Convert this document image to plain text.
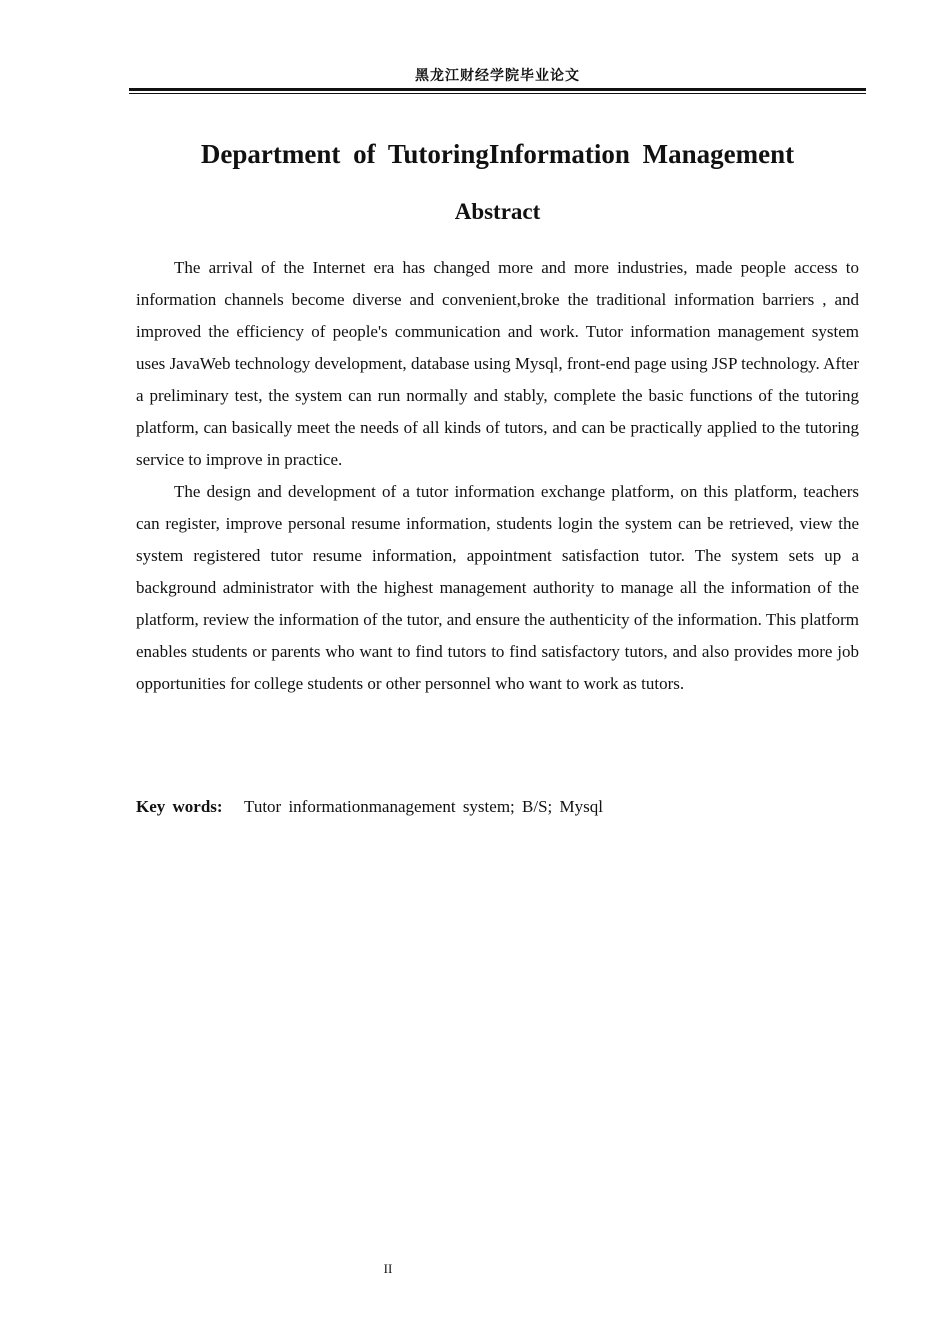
黑龙江财经学院毕业论文
Department of TutoringInformation Management
Abstract

The arrival of the Internet era has changed more and more industries, made people access to information channels become diverse and convenient,broke the traditional information barriers , and improved the efficiency of people's communication and work. Tutor information management system uses JavaWeb technology development, database using Mysql, front-end page using JSP technology. After a preliminary test, the system can run normally and stably, complete the basic functions of the tutoring platform, can basically meet the needs of all kinds of tutors, and can be practically applied to the tutoring service to improve in practice.

The design and development of a tutor information exchange platform, on this platform, teachers can register, improve personal resume information, students login the system can be retrieved, view the system registered tutor resume information, appointment satisfaction tutor. The system sets up a background administrator with the highest management authority to manage all the information of the platform, review the information of the tutor, and ensure the authenticity of the information. This platform enables students or parents who want to find tutors to find satisfactory tutors, and also provides more job opportunities for college students or other personnel who want to work as tutors.

Key words: Tutor informationmanagement system; B/S; Mysql
II
